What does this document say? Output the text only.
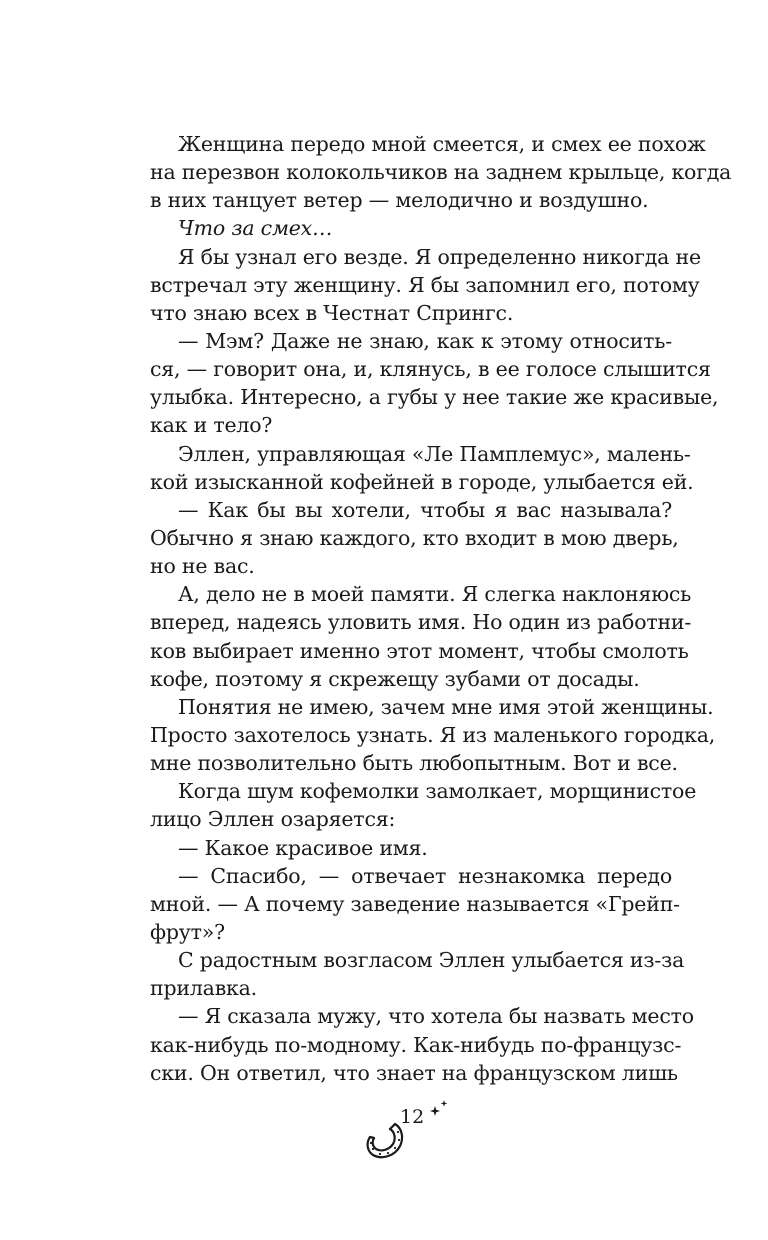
Женщина передо мной смеется, и смех ее похож
на перезвон колокольчиков на заднем крыльце, когда
в них танцует ветер — мелодично и воздушно.
Что за смех…
Я бы узнал его везде. Я определенно никогда не
встречал эту женщину. Я бы запомнил его, потому
что знаю всех в Честнат Спрингс.
— Мэм? Даже не знаю, как к этому относить-
ся, — говорит она, и, клянусь, в ее голосе слышится
улыбка. Интересно, а губы у нее такие же красивые,
как и тело?
Эллен, управляющая «Ле Памплемус», малень-
кой изысканной кофейней в городе, улыбается ей.
— Как бы вы хотели, чтобы я вас называла?
Обычно я знаю каждого, кто входит в мою дверь,
но не вас.
А, дело не в моей памяти. Я слегка наклоняюсь
вперед, надеясь уловить имя. Но один из работни-
ков выбирает именно этот момент, чтобы смолоть
кофе, поэтому я скрежещу зубами от досады.
Понятия не имею, зачем мне имя этой женщины.
Просто захотелось узнать. Я из маленького городка,
мне позволительно быть любопытным. Вот и все.
Когда шум кофемолки замолкает, морщинистое
лицо Эллен озаряется:
— Какое красивое имя.
— Спасибо, — отвечает незнакомка передо
мной. — А почему заведение называется «Грейп-
фрут»?
С радостным возгласом Эллен улыбается из-за
прилавка.
— Я сказала мужу, что хотела бы назвать место
как-нибудь по-модному. Как-нибудь по-французс-
ски. Он ответил, что знает на французском лишь
12
